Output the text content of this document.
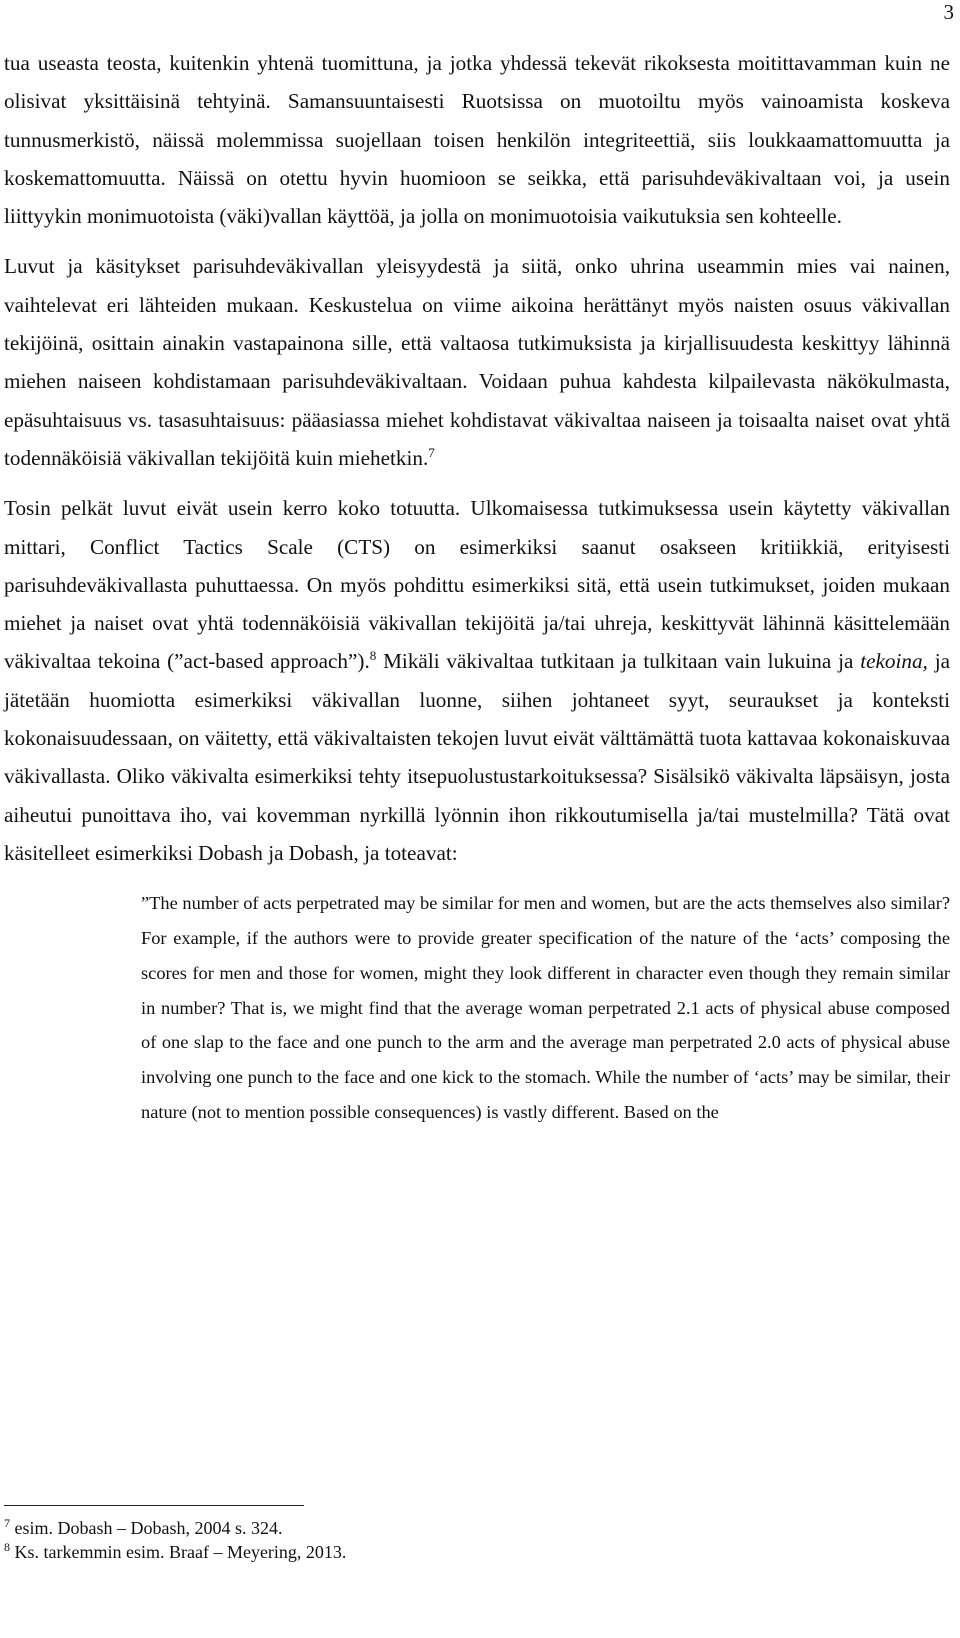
3

tua useasta teosta, kuitenkin yhtenä tuomittuna, ja jotka yhdessä tekevät rikoksesta moitittavamman kuin ne olisivat yksittäisinä tehtyinä. Samansuuntaisesti Ruotsissa on muotoiltu myös vainoamista koskeva tunnusmerkistö, näissä molemmissa suojellaan toisen henkilön integriteettiä, siis loukkaamattomuutta ja koskemattomuutta. Näissä on otettu hyvin huomioon se seikka, että parisuhdeväkivaltaan voi, ja usein liittyykin monimuotoista (väki)vallan käyttöä, ja jolla on monimuotoisia vaikutuksia sen kohteelle.

Luvut ja käsitykset parisuhdeväkivallan yleisyydestä ja siitä, onko uhrina useammin mies vai nainen, vaihtelevat eri lähteiden mukaan. Keskustelua on viime aikoina herättänyt myös naisten osuus väkivallan tekijöinä, osittain ainakin vastapainona sille, että valtaosa tutkimuksista ja kirjallisuudesta keskittyy lähinnä miehen naiseen kohdistamaan parisuhdeväkivaltaan. Voidaan puhua kahdesta kilpailevasta näkökulmasta, epäsuhtaisuus vs. tasasuhtaisuus: pääasiassa miehet kohdistavat väkivaltaa naiseen ja toisaalta naiset ovat yhtä todennäköisiä väkivallan tekijöitä kuin miehetkin.$^7$

Tosin pelkät luvut eivät usein kerro koko totuutta. Ulkomaisessa tutkimuksessa usein käytetty väkivallan mittari, Conflict Tactics Scale (CTS) on esimerkiksi saanut osakseen kritiikkiä, erityisesti parisuhdeväkivallasta puhuttaessa. On myös pohdittu esimerkiksi sitä, että usein tutkimukset, joiden mukaan miehet ja naiset ovat yhtä todennäköisiä väkivallan tekijöitä ja/tai uhreja, keskittyvät lähinnä käsittelemään väkivaltaa tekoina (”act-based approach”).$^8$ Mikäli väkivaltaa tutkitaan ja tulkitaan vain lukuina ja tekoina, ja jätetään huomiotta esimerkiksi väkivallan luonne, siihen johtaneet syyt, seuraukset ja konteksti kokonaisuudessaan, on väitetty, että väkivaltaisten tekojen luvut eivät välttämättä tuota kattavaa kokonaiskuvaa väkivallasta. Oliko väkivalta esimerkiksi tehty itsepuolustustarkoituksessa? Sisälsikö väkivalta läpsäisyn, josta aiheutui punoittava iho, vai kovemman nyrkillä lyönnin ihon rikkoutumisella ja/tai mustelmilla? Tätä ovat käsitelleet esimerkiksi Dobash ja Dobash, ja toteavat:

”The number of acts perpetrated may be similar for men and women, but are the acts themselves also similar? For example, if the authors were to provide greater specification of the nature of the ‘acts’ composing the scores for men and those for women, might they look different in character even though they remain similar in number? That is, we might find that the average woman perpetrated 2.1 acts of physical abuse composed of one slap to the face and one punch to the arm and the average man perpetrated 2.0 acts of physical abuse involving one punch to the face and one kick to the stomach. While the number of ‘acts’ may be similar, their nature (not to mention possible consequences) is vastly different. Based on the

$^7$ esim. Dobash – Dobash, 2004 s. 324.
$^8$ Ks. tarkemmin esim. Braaf – Meyering, 2013.
